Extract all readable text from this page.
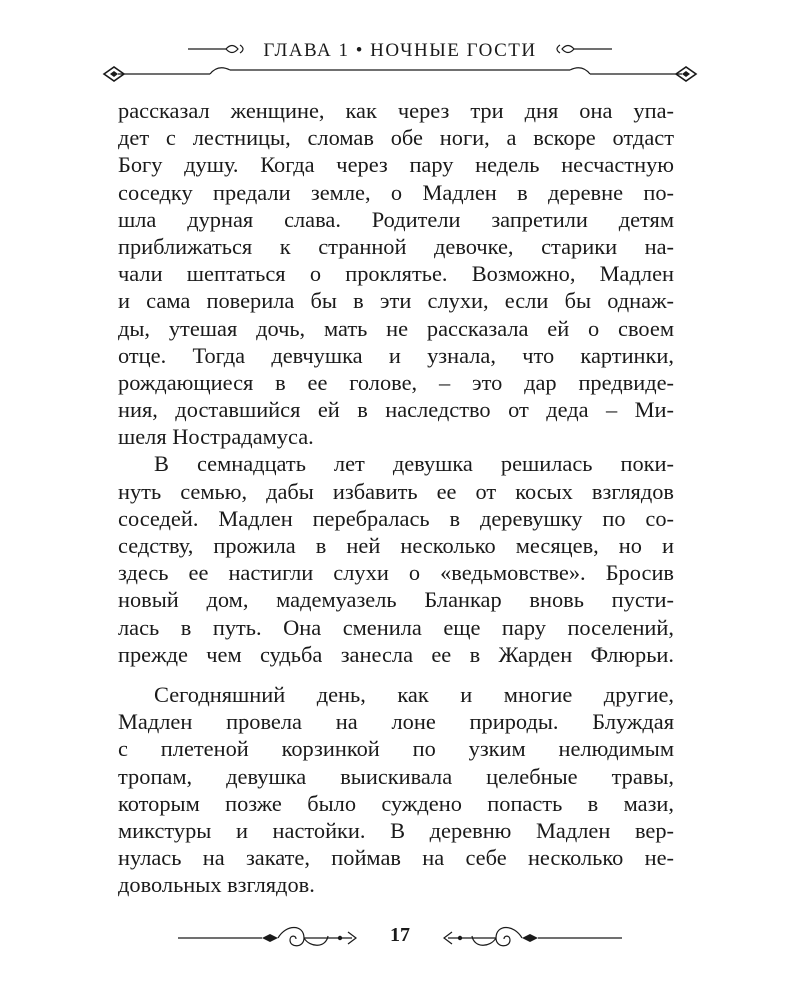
ГЛАВА 1 • НОЧНЫЕ ГОСТИ
рассказал женщине, как через три дня она упа-
дет с лестницы, сломав обе ноги, а вскоре отдаст
Богу душу. Когда через пару недель несчастную
соседку предали земле, о Мадлен в деревне по-
шла дурная слава. Родители запретили детям
приближаться к странной девочке, старики на-
чали шептаться о проклятье. Возможно, Мадлен
и сама поверила бы в эти слухи, если бы однаж-
ды, утешая дочь, мать не рассказала ей о своем
отце. Тогда девчушка и узнала, что картинки,
рождающиеся в ее голове, – это дар предвиде-
ния, доставшийся ей в наследство от деда – Ми-
шеля Нострадамуса.
В семнадцать лет девушка решилась поки-
нуть семью, дабы избавить ее от косых взглядов
соседей. Мадлен перебралась в деревушку по со-
седству, прожила в ней несколько месяцев, но и
здесь ее настигли слухи о «ведьмовстве». Бросив
новый дом, мадемуазель Бланкар вновь пусти-
лась в путь. Она сменила еще пару поселений,
прежде чем судьба занесла ее в Жарден Флюрьи.
Сегодняшний день, как и многие другие,
Мадлен провела на лоне природы. Блуждая
с плетеной корзинкой по узким нелюдимым
тропам, девушка выискивала целебные травы,
которым позже было суждено попасть в мази,
микстуры и настойки. В деревню Мадлен вер-
нулась на закате, поймав на себе несколько не-
довольных взглядов.
17
